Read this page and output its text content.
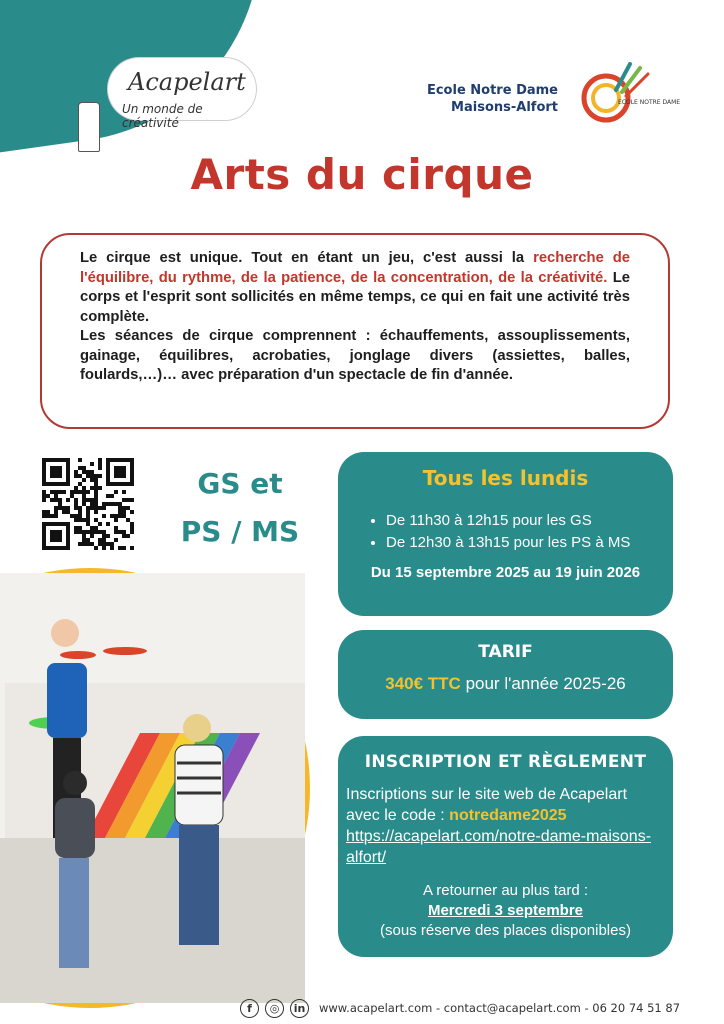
Acapelart
Un monde de créativité
Ecole Notre Dame
Maisons-Alfort	ECOLE NOTRE DAME
Arts du cirque

Le cirque est unique. Tout en étant un jeu, c'est aussi la recherche de l'équilibre, du rythme, de la patience, de la concentration, de la créativité. Le corps et l'esprit sont sollicités en même temps, ce qui en fait une activité très complète.

Les séances de cirque comprennent : échauffements, assouplissements, gainage, équilibres, acrobaties, jonglage divers (assiettes, balles, foulards,…)… avec préparation d'un spectacle de fin d'année.

GS et
PS / MS
Tous les lundis
• De 11h30 à 12h15 pour les GS
• De 12h30 à 13h15 pour les PS à MS
Du 15 septembre 2025 au 19 juin 2026
TARIF
340€ TTC pour l'année 2025-26
INSCRIPTION ET RÈGLEMENT
Inscriptions sur le site web de Acapelart avec le code : notredame2025
https://acapelart.com/notre-dame-maisons-alfort/
A retourner au plus tard :
Mercredi 3 septembre
(sous réserve des places disponibles)
f	◎	in	www.acapelart.com - contact@acapelart.com - 06 20 74 51 87
